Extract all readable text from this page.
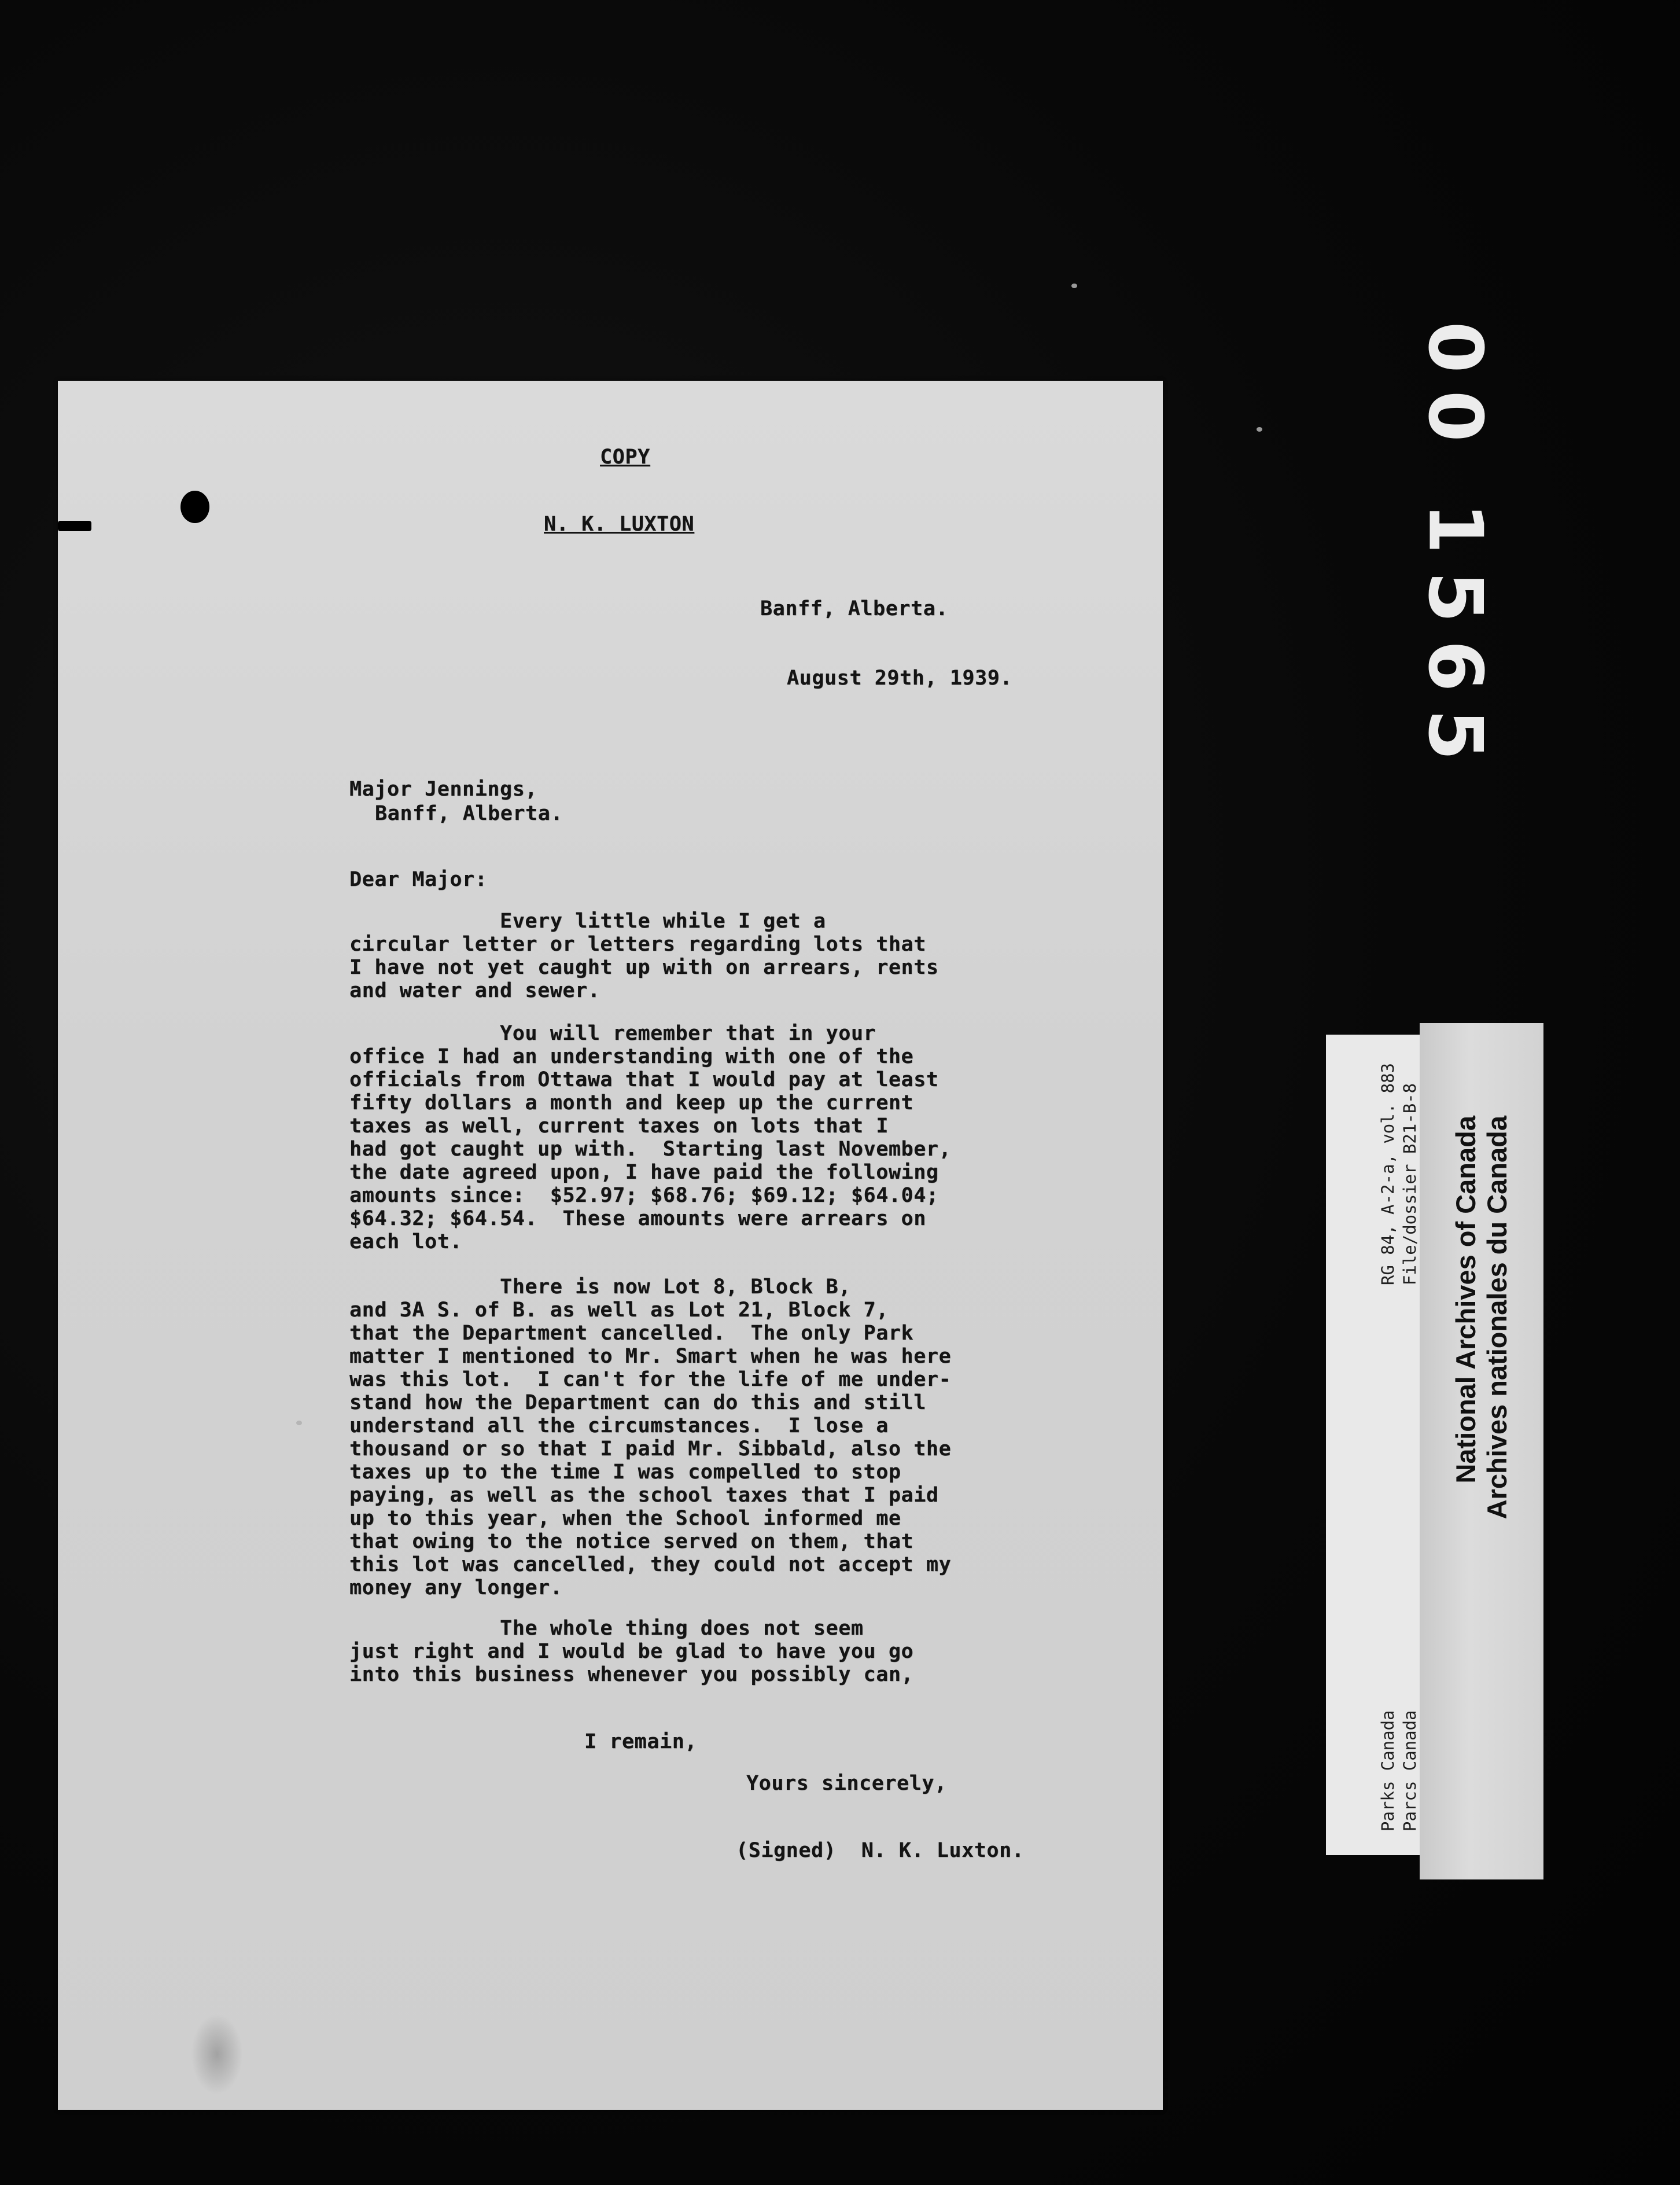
COPY
N. K. LUXTON
Banff, Alberta.
August 29th, 1939.
Major Jennings,
Banff, Alberta.
Dear Major:
Every little while I get a
circular letter or letters regarding lots that
I have not yet caught up with on arrears, rents
and water and sewer.
You will remember that in your
office I had an understanding with one of the
officials from Ottawa that I would pay at least
fifty dollars a month and keep up the current
taxes as well, current taxes on lots that I
had got caught up with.  Starting last November,
the date agreed upon, I have paid the following
amounts since:  $52.97; $68.76; $69.12; $64.04;
$64.32; $64.54.  These amounts were arrears on
each lot.
There is now Lot 8, Block B,
and 3A S. of B. as well as Lot 21, Block 7,
that the Department cancelled.  The only Park
matter I mentioned to Mr. Smart when he was here
was this lot.  I can't for the life of me under-
stand how the Department can do this and still
understand all the circumstances.  I lose a
thousand or so that I paid Mr. Sibbald, also the
taxes up to the time I was compelled to stop
paying, as well as the school taxes that I paid
up to this year, when the School informed me
that owing to the notice served on them, that
this lot was cancelled, they could not accept my
money any longer.
The whole thing does not seem
just right and I would be glad to have you go
into this business whenever you possibly can,
I remain,
Yours sincerely,
(Signed)  N. K. Luxton.
00 1565
Parks Canada Parcs Canada
RG 84, A-2-a, vol. 883
File/dossier B21-B-8
	National Archives of Canada Archives nationales du Canada
